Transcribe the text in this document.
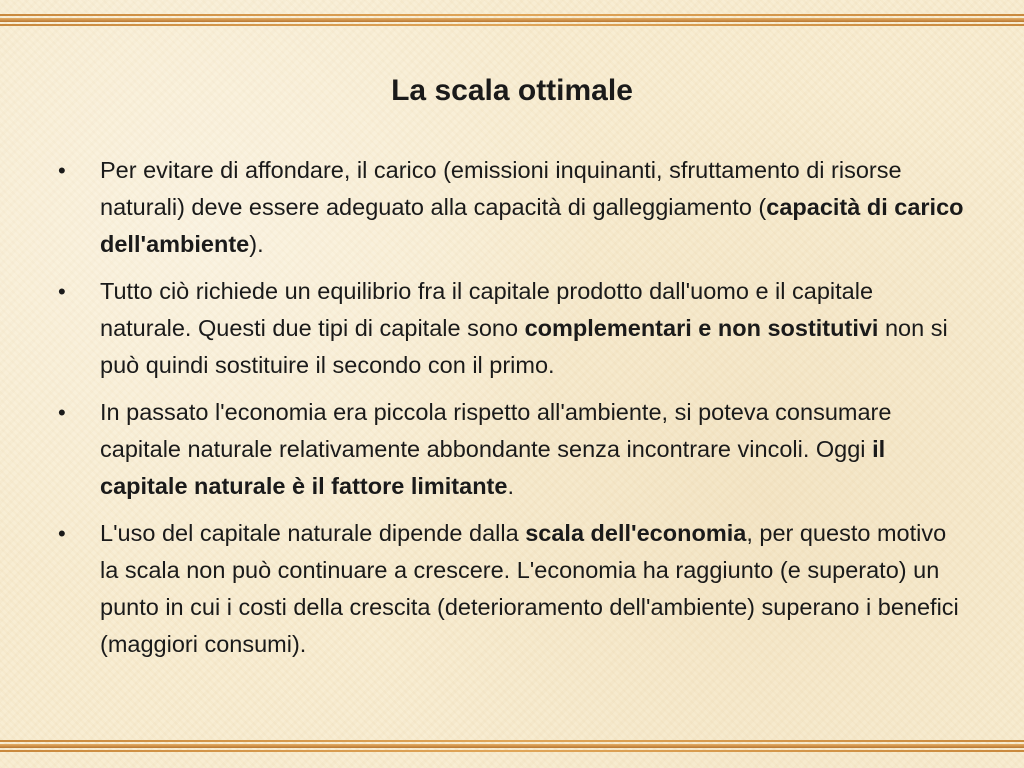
La scala ottimale
• Per evitare di affondare, il carico (emissioni inquinanti, sfruttamento di risorse naturali) deve essere adeguato alla capacità di galleggiamento (capacità di carico dell'ambiente).
• Tutto ciò richiede un equilibrio fra il capitale prodotto dall'uomo e il capitale naturale. Questi due tipi di capitale sono complementari e non sostitutivi non si può quindi sostituire il secondo con il primo.
• In passato l'economia era piccola rispetto all'ambiente, si poteva consumare capitale naturale relativamente abbondante senza incontrare vincoli. Oggi il capitale naturale è il fattore limitante.
• L'uso del capitale naturale dipende dalla scala dell'economia, per questo motivo la scala non può continuare a crescere. L'economia ha raggiunto (e superato) un punto in cui i costi della crescita (deterioramento dell'ambiente) superano i benefici (maggiori consumi).
